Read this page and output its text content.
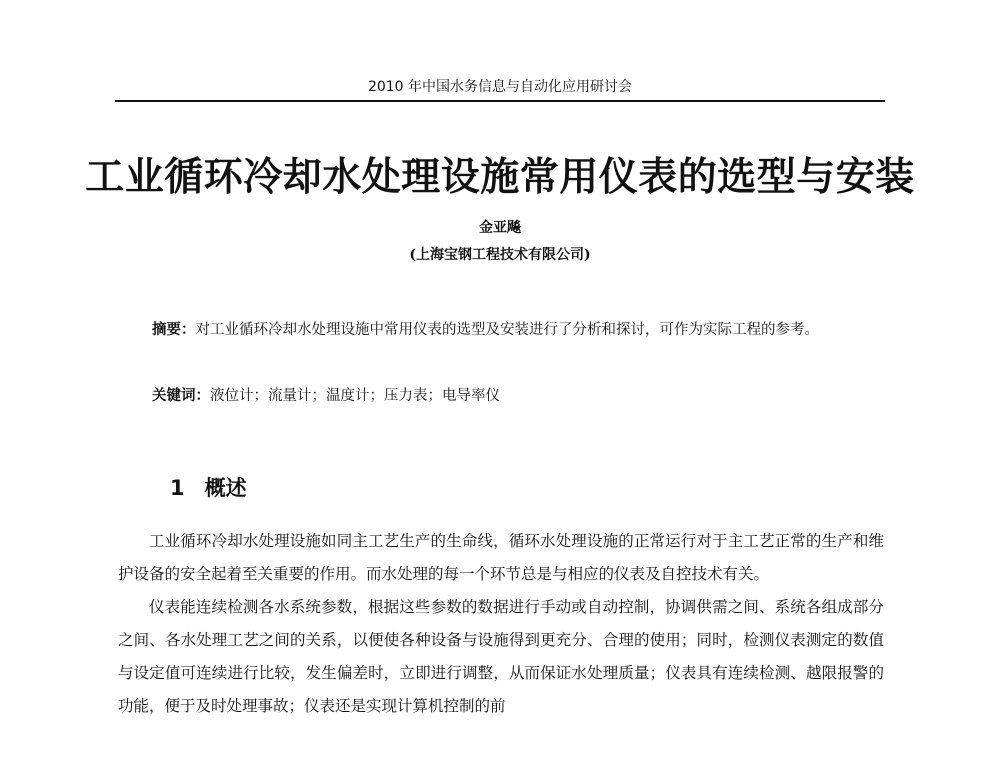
2010 年中国水务信息与自动化应用研讨会
工业循环冷却水处理设施常用仪表的选型与安装
金亚飚
(上海宝钢工程技术有限公司)
摘要：对工业循环冷却水处理设施中常用仪表的选型及安装进行了分析和探讨，可作为实际工程的参考。
关键词：液位计；流量计；温度计；压力表；电导率仪
1 概述

工业循环冷却水处理设施如同主工艺生产的生命线，循环水处理设施的正常运行对于主工艺正常的生产和维护设备的安全起着至关重要的作用。而水处理的每一个环节总是与相应的仪表及自控技术有关。

仪表能连续检测各水系统参数，根据这些参数的数据进行手动或自动控制，协调供需之间、系统各组成部分之间、各水处理工艺之间的关系，以便使各种设备与设施得到更充分、合理的使用；同时，检测仪表测定的数值与设定值可连续进行比较，发生偏差时，立即进行调整，从而保证水处理质量；仪表具有连续检测、越限报警的功能，便于及时处理事故；仪表还是实现计算机控制的前
